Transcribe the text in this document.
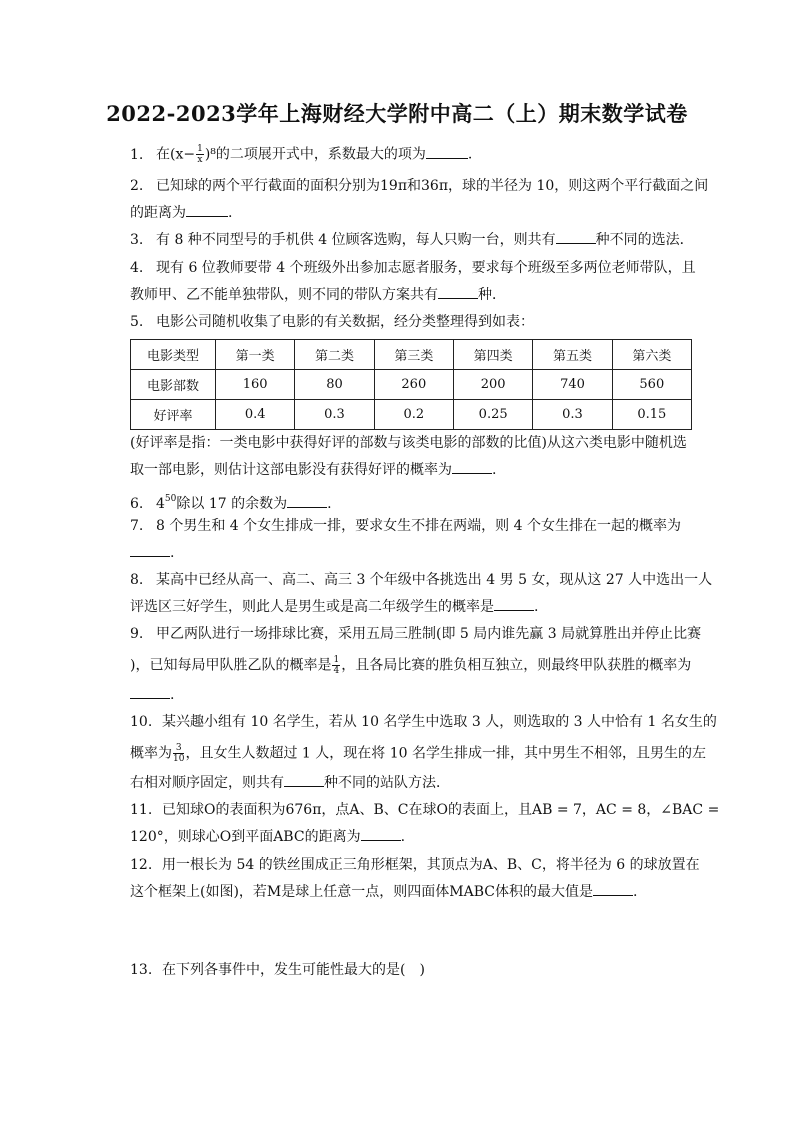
2022-2023学年上海财经大学附中高二（上）期末数学试卷
1. 在$(x- \frac{1}{x} )^8$的二项展开式中，系数最大的项为	.
2. 已知球的两个平行截面的面积分别为19π和36π，球的半径为 10，则这两个平行截面之间
的距离为	.
3. 有 8 种不同型号的手机供 4 位顾客选购，每人只购一台，则共有	种不同的选法．
4. 现有 6 位教师要带 4 个班级外出参加志愿者服务，要求每个班级至多两位老师带队，且
教师甲、乙不能单独带队，则不同的带队方案共有	种．
5. 电影公司随机收集了电影的有关数据，经分类整理得到如表：
电影类型	第一类	第二类	第三类	第四类	第五类	第六类
电影部数	160	80	260	200	740	560
好评率	0.4	0.3	0.2	0.25	0.3	0.15
(好评率是指：一类电影中获得好评的部数与该类电影的部数的比值)从这六类电影中随机选
取一部电影，则估计这部电影没有获得好评的概率为	.
6. $4^{50}$除以 17 的余数为	.
7. 8 个男生和 4 个女生排成一排，要求女生不排在两端，则 4 个女生排在一起的概率为
.
8. 某高中已经从高一、高二、高三 3 个年级中各挑选出 4 男 5 女，现从这 27 人中选出一人
评选区三好学生，则此人是男生或是高二年级学生的概率是	.
9. 甲乙两队进行一场排球比赛，采用五局三胜制(即 5 局内谁先赢 3 局就算胜出并停止比赛
)，已知每局甲队胜乙队的概率是 $\frac{1}{4}$ ，且各局比赛的胜负相互独立，则最终甲队获胜的概率为
.
10. 某兴趣小组有 10 名学生，若从 10 名学生中选取 3 人，则选取的 3 人中恰有 1 名女生的
概率为 $\frac{3}{10}$ ，且女生人数超过 1 人，现在将 10 名学生排成一排，其中男生不相邻，且男生的左
右相对顺序固定，则共有	种不同的站队方法．
11. 已知球O的表面积为676π，点A、B、C在球O的表面上，且AB = 7，AC = 8，∠BAC =
120°，则球心O到平面ABC的距离为	.
12. 用一根长为 54 的铁丝围成正三角形框架，其顶点为A、B、C，将半径为 6 的球放置在
这个框架上(如图)，若M是球上任意一点，则四面体MABC体积的最大值是	.
13. 在下列各事件中，发生可能性最大的是(　)
